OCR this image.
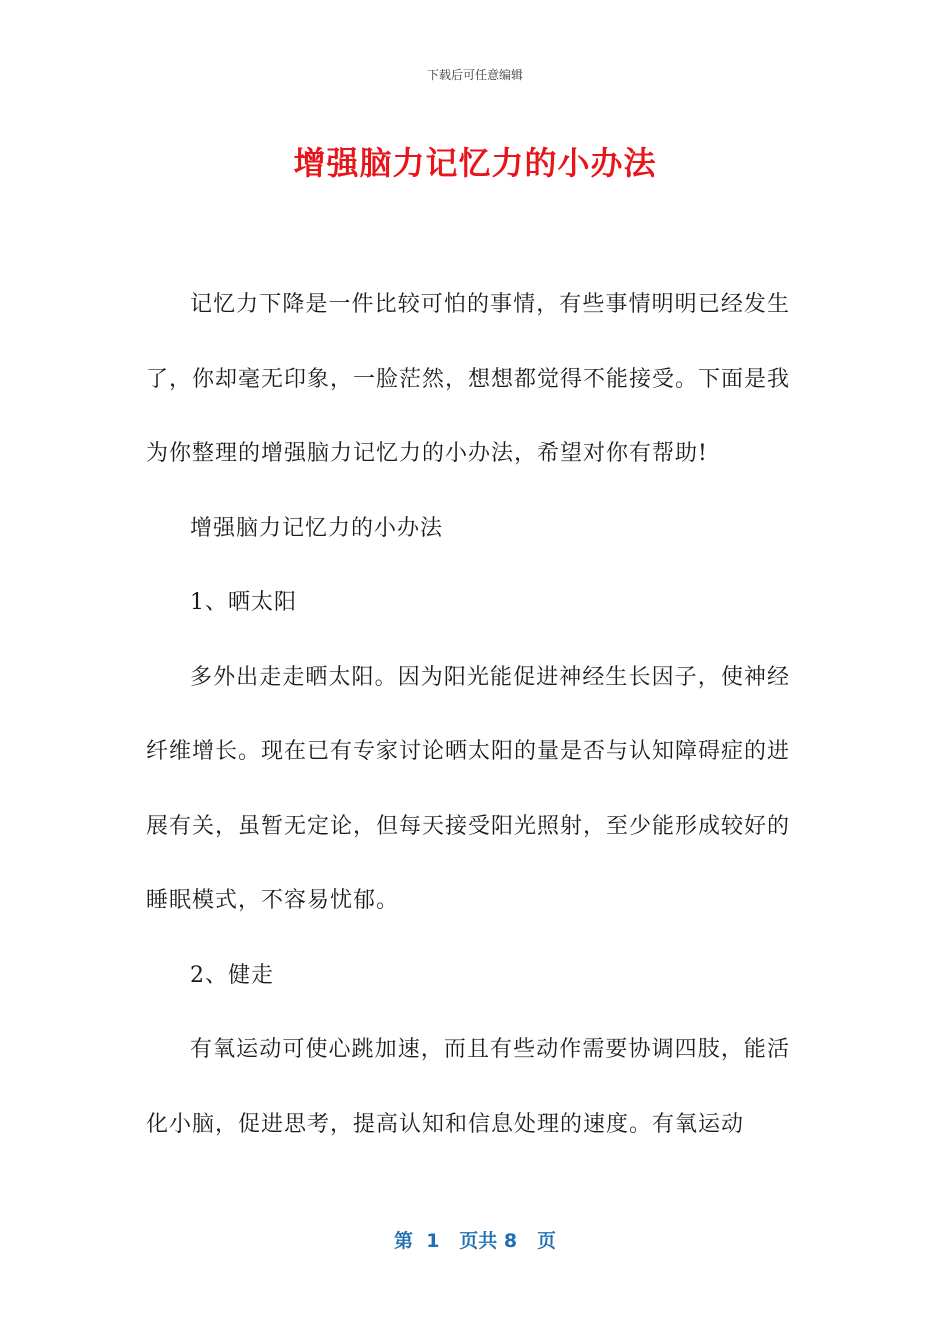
下载后可任意编辑
增强脑力记忆力的小办法

记忆力下降是一件比较可怕的事情，有些事情明明已经发生了，你却毫无印象，一脸茫然，想想都觉得不能接受。下面是我为你整理的增强脑力记忆力的小办法，希望对你有帮助!

增强脑力记忆力的小办法

1、晒太阳

多外出走走晒太阳。因为阳光能促进神经生长因子，使神经纤维增长。现在已有专家讨论晒太阳的量是否与认知障碍症的进展有关，虽暂无定论，但每天接受阳光照射，至少能形成较好的睡眠模式，不容易忧郁。

2、健走

有氧运动可使心跳加速，而且有些动作需要协调四肢，能活化小脑，促进思考，提高认知和信息处理的速度。有氧运动

第  1   页共 8   页
